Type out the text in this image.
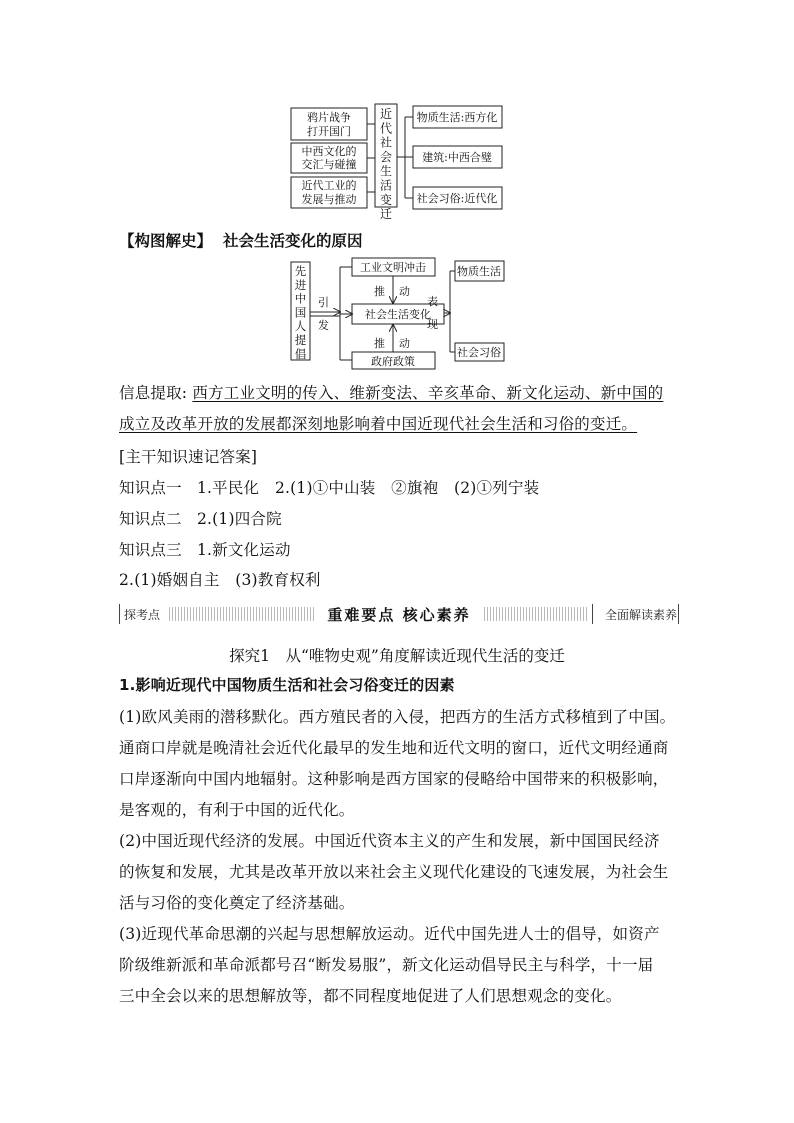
鸦片战争打开国门
中西文化的交汇与碰撞
近代工业的发展与推动
近代社会生活变迁
物质生活:西方化
建筑:中西合璧
社会习俗:近代化
【构图解史】 社会生活变化的原因
先进中国人提倡
引
发
工业文明冲击
社会生活变化
政府政策
推 动
推 动
表
现
物质生活
社会习俗
信息提取: 西方工业文明的传入、维新变法、辛亥革命、新文化运动、新中国的
成立及改革开放的发展都深刻地影响着中国近现代社会生活和习俗的变迁。
[主干知识速记答案]
知识点一 1.平民化　2.(1)①中山装　②旗袍　(2)①列宁装
知识点二 2.(1)四合院
知识点三 1.新文化运动
2.(1)婚姻自主　(3)教育权利
探考点	重难要点 核心素养	全面解读素养
探究1　从“唯物史观”角度解读近现代生活的变迁
1.影响近现代中国物质生活和社会习俗变迁的因素
(1)欧风美雨的潜移默化。西方殖民者的入侵，把西方的生活方式移植到了中国。
通商口岸就是晚清社会近代化最早的发生地和近代文明的窗口，近代文明经通商
口岸逐渐向中国内地辐射。这种影响是西方国家的侵略给中国带来的积极影响，
是客观的，有利于中国的近代化。
(2)中国近现代经济的发展。中国近代资本主义的产生和发展，新中国国民经济
的恢复和发展，尤其是改革开放以来社会主义现代化建设的飞速发展，为社会生
活与习俗的变化奠定了经济基础。
(3)近现代革命思潮的兴起与思想解放运动。近代中国先进人士的倡导，如资产
阶级维新派和革命派都号召“断发易服”，新文化运动倡导民主与科学，十一届
三中全会以来的思想解放等，都不同程度地促进了人们思想观念的变化。
